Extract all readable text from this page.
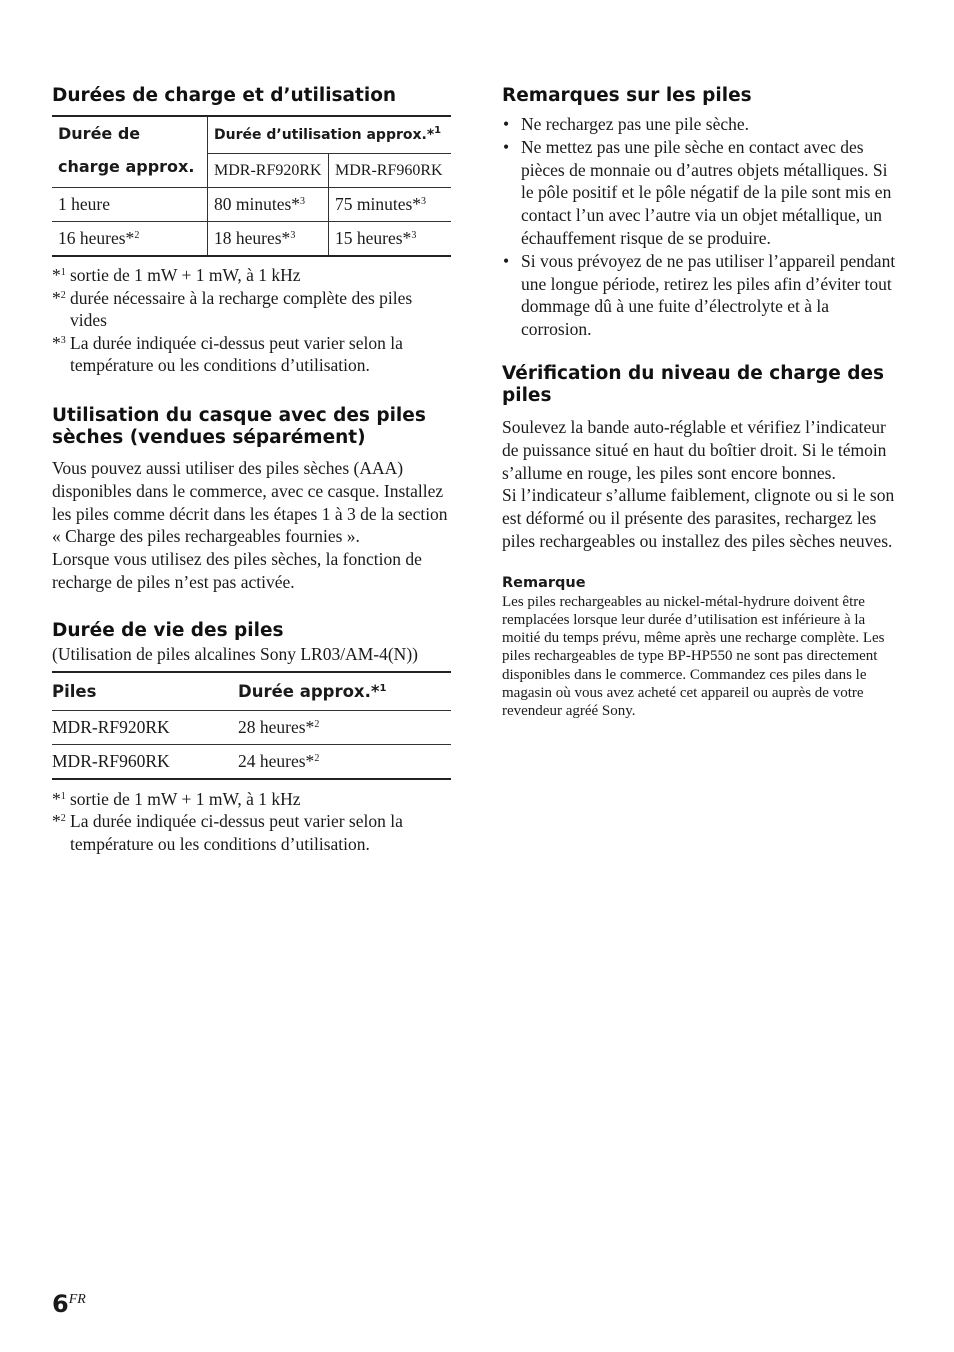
Durées de charge et d’utilisation
Durée de
charge approx.	Durée d’utilisation approx.*$^1$
	MDR-RF920RK	MDR-RF960RK
1 heure	80 minutes*$^3$	75 minutes*$^3$
16 heures*$^2$	18 heures*$^3$	15 heures*$^3$
*$^1$ sortie de 1 mW + 1 mW, à 1 kHz
*$^2$ durée nécessaire à la recharge complète des piles vides
*$^3$ La durée indiquée ci-dessus peut varier selon la température ou les conditions d’utilisation.
Utilisation du casque avec des piles sèches (vendues séparément)

Vous pouvez aussi utiliser des piles sèches (AAA) disponibles dans le commerce, avec ce casque. Installez les piles comme décrit dans les étapes 1 à 3 de la section « Charge des piles rechargeables fournies ».

Lorsque vous utilisez des piles sèches, la fonction de recharge de piles n’est pas activée.

Durée de vie des piles

(Utilisation de piles alcalines Sony LR03/AM-4(N))

Piles	Durée approx.*$^1$
MDR-RF920RK	28 heures*$^2$
MDR-RF960RK	24 heures*$^2$
*$^1$ sortie de 1 mW + 1 mW, à 1 kHz
*$^2$ La durée indiquée ci-dessus peut varier selon la température ou les conditions d’utilisation.
Remarques sur les piles
• Ne rechargez pas une pile sèche.
• Ne mettez pas une pile sèche en contact avec des pièces de monnaie ou d’autres objets métalliques. Si le pôle positif et le pôle négatif de la pile sont mis en contact l’un avec l’autre via un objet métallique, un échauffement risque de se produire.
• Si vous prévoyez de ne pas utiliser l’appareil pendant une longue période, retirez les piles afin d’éviter tout dommage dû à une fuite d’électrolyte et à la corrosion.
Vérification du niveau de charge des piles

Soulevez la bande auto-réglable et vérifiez l’indicateur de puissance situé en haut du boîtier droit. Si le témoin s’allume en rouge, les piles sont encore bonnes.

Si l’indicateur s’allume faiblement, clignote ou si le son est déformé ou il présente des parasites, rechargez les piles rechargeables ou installez des piles sèches neuves.

Remarque

Les piles rechargeables au nickel-métal-hydrure doivent être remplacées lorsque leur durée d’utilisation est inférieure à la moitié du temps prévu, même après une recharge complète. Les piles rechargeables de type BP-HP550 ne sont pas directement disponibles dans le commerce. Commandez ces piles dans le magasin où vous avez acheté cet appareil ou auprès de votre revendeur agréé Sony.

$6^{FR}$
